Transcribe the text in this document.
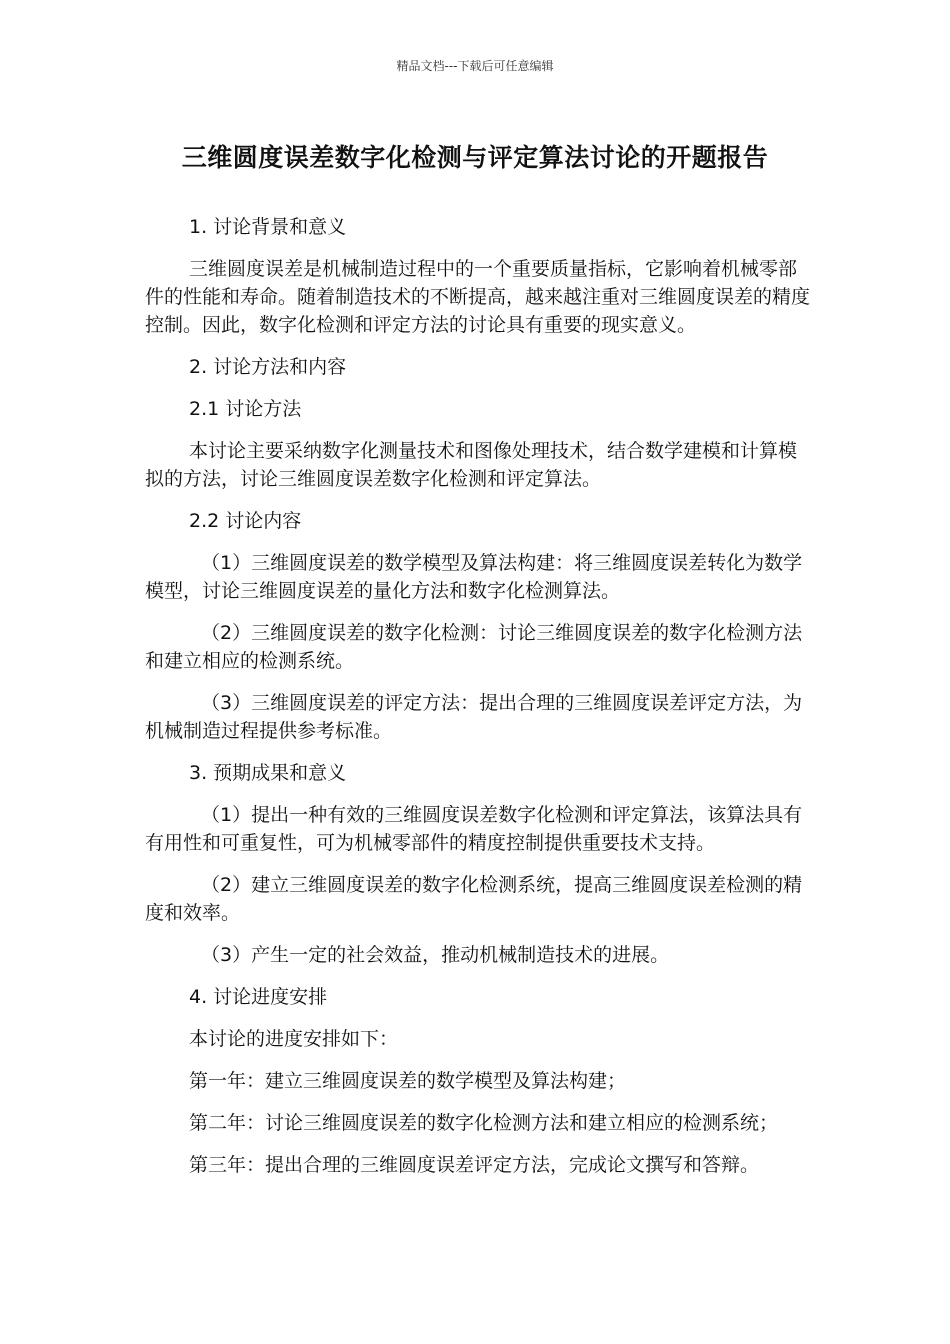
精品文档---下载后可任意编辑
三维圆度误差数字化检测与评定算法讨论的开题报告

1. 讨论背景和意义

三维圆度误差是机械制造过程中的一个重要质量指标，它影响着机械零部件的性能和寿命。随着制造技术的不断提高，越来越注重对三维圆度误差的精度控制。因此，数字化检测和评定方法的讨论具有重要的现实意义。

2. 讨论方法和内容

2.1 讨论方法

本讨论主要采纳数字化测量技术和图像处理技术，结合数学建模和计算模拟的方法，讨论三维圆度误差数字化检测和评定算法。

2.2 讨论内容

（1）三维圆度误差的数学模型及算法构建：将三维圆度误差转化为数学模型，讨论三维圆度误差的量化方法和数字化检测算法。

（2）三维圆度误差的数字化检测：讨论三维圆度误差的数字化检测方法和建立相应的检测系统。

（3）三维圆度误差的评定方法：提出合理的三维圆度误差评定方法，为机械制造过程提供参考标准。

3. 预期成果和意义

（1）提出一种有效的三维圆度误差数字化检测和评定算法，该算法具有有用性和可重复性，可为机械零部件的精度控制提供重要技术支持。

（2）建立三维圆度误差的数字化检测系统，提高三维圆度误差检测的精度和效率。

（3）产生一定的社会效益，推动机械制造技术的进展。

4. 讨论进度安排

本讨论的进度安排如下：

第一年：建立三维圆度误差的数学模型及算法构建；

第二年：讨论三维圆度误差的数字化检测方法和建立相应的检测系统；

第三年：提出合理的三维圆度误差评定方法，完成论文撰写和答辩。
